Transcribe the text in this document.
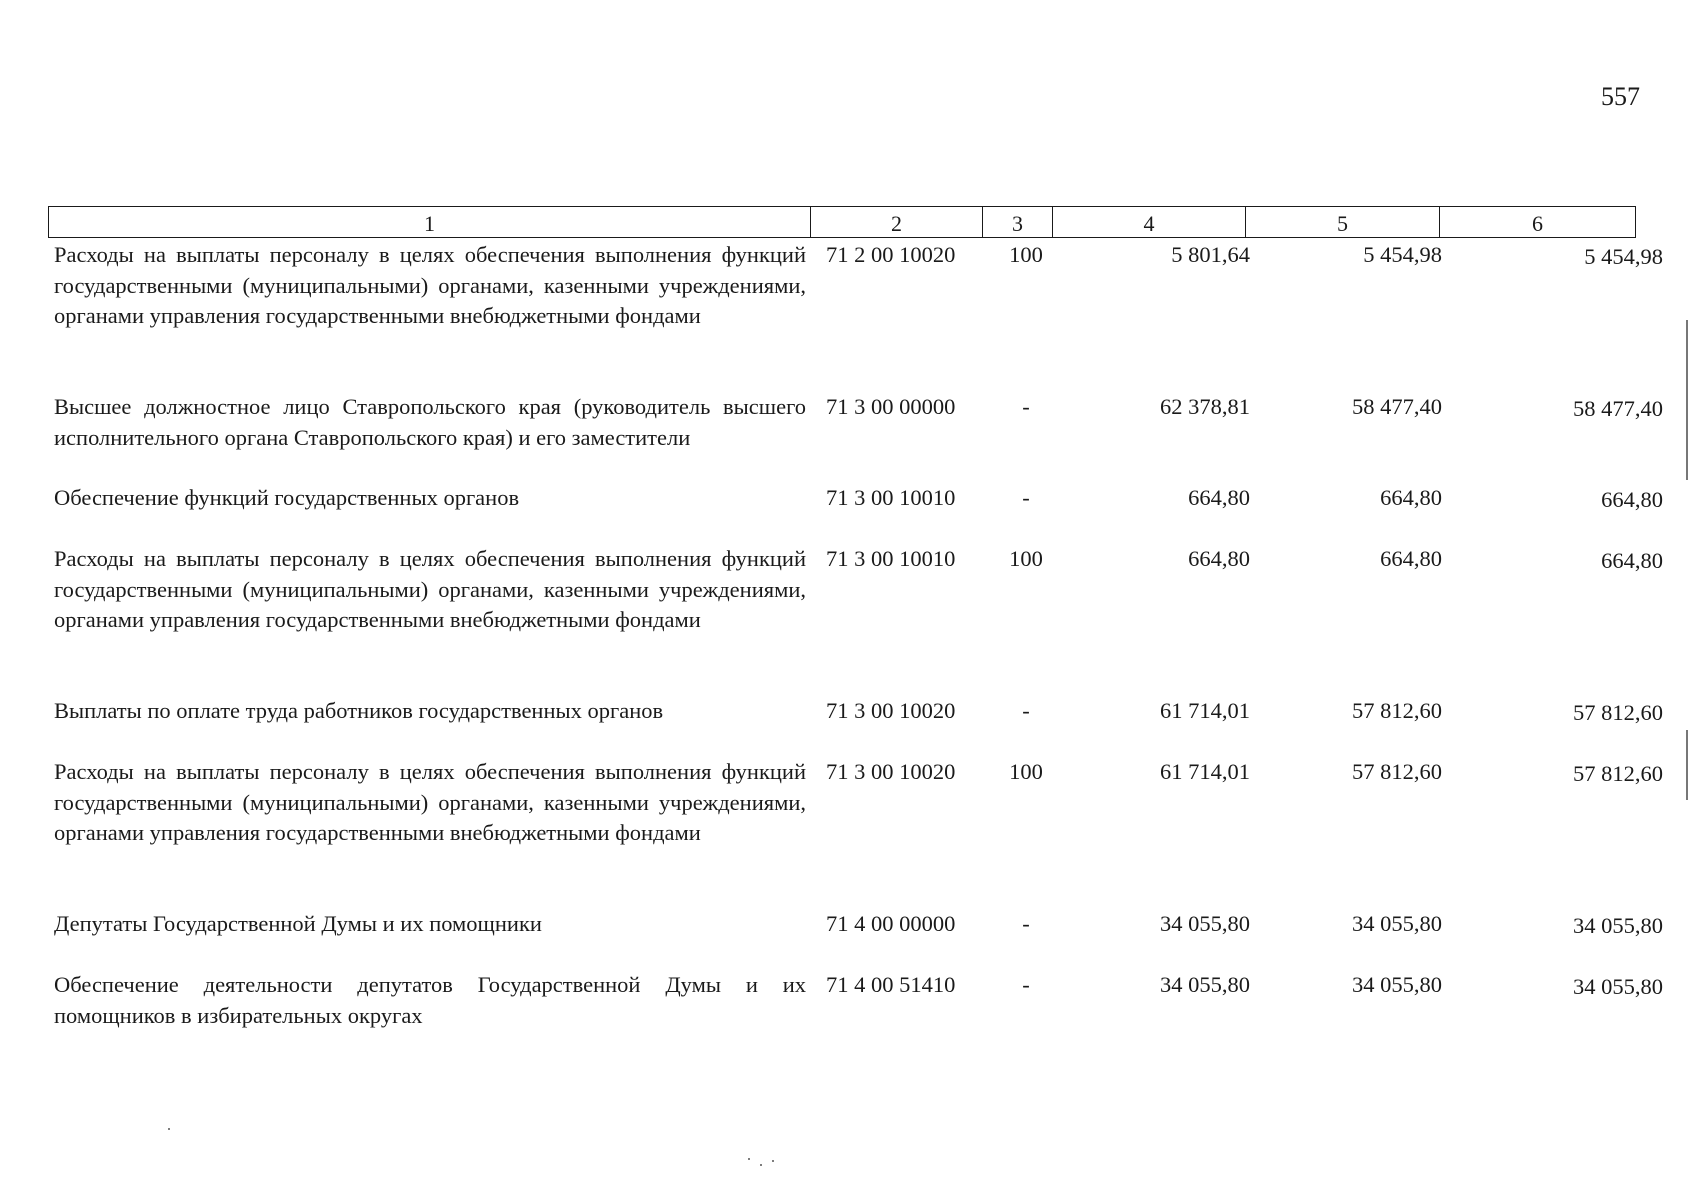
557
1	2	3	4	5	6
Расходы на выплаты персоналу в целях обеспечения выполнения функций государственными (муниципальными) органами, казенными учреждениями, органами управления государственными внебюджетными фондами
71 2 00 10020	100	5 801,64	5 454,98	5 454,98
Высшее должностное лицо Ставропольского края (руководитель высшего исполнительного органа Ставропольского края) и его заместители
71 3 00 00000	-	62 378,81	58 477,40	58 477,40
Обеспечение функций государственных органов	71 3 00 10010	-	664,80	664,80	664,80
Расходы на выплаты персоналу в целях обеспечения выполнения функций государственными (муниципальными) органами, казенными учреждениями, органами управления государственными внебюджетными фондами
71 3 00 10010	100	664,80	664,80	664,80
Выплаты по оплате труда работников государственных органов	71 3 00 10020	-	61 714,01	57 812,60	57 812,60
Расходы на выплаты персоналу в целях обеспечения выполнения функций государственными (муниципальными) органами, казенными учреждениями, органами управления государственными внебюджетными фондами
71 3 00 10020	100	61 714,01	57 812,60	57 812,60
Депутаты Государственной Думы и их помощники	71 4 00 00000	-	34 055,80	34 055,80	34 055,80
Обеспечение деятельности депутатов Государственной Думы и их помощников в избирательных округах
71 4 00 51410	-	34 055,80	34 055,80	34 055,80
